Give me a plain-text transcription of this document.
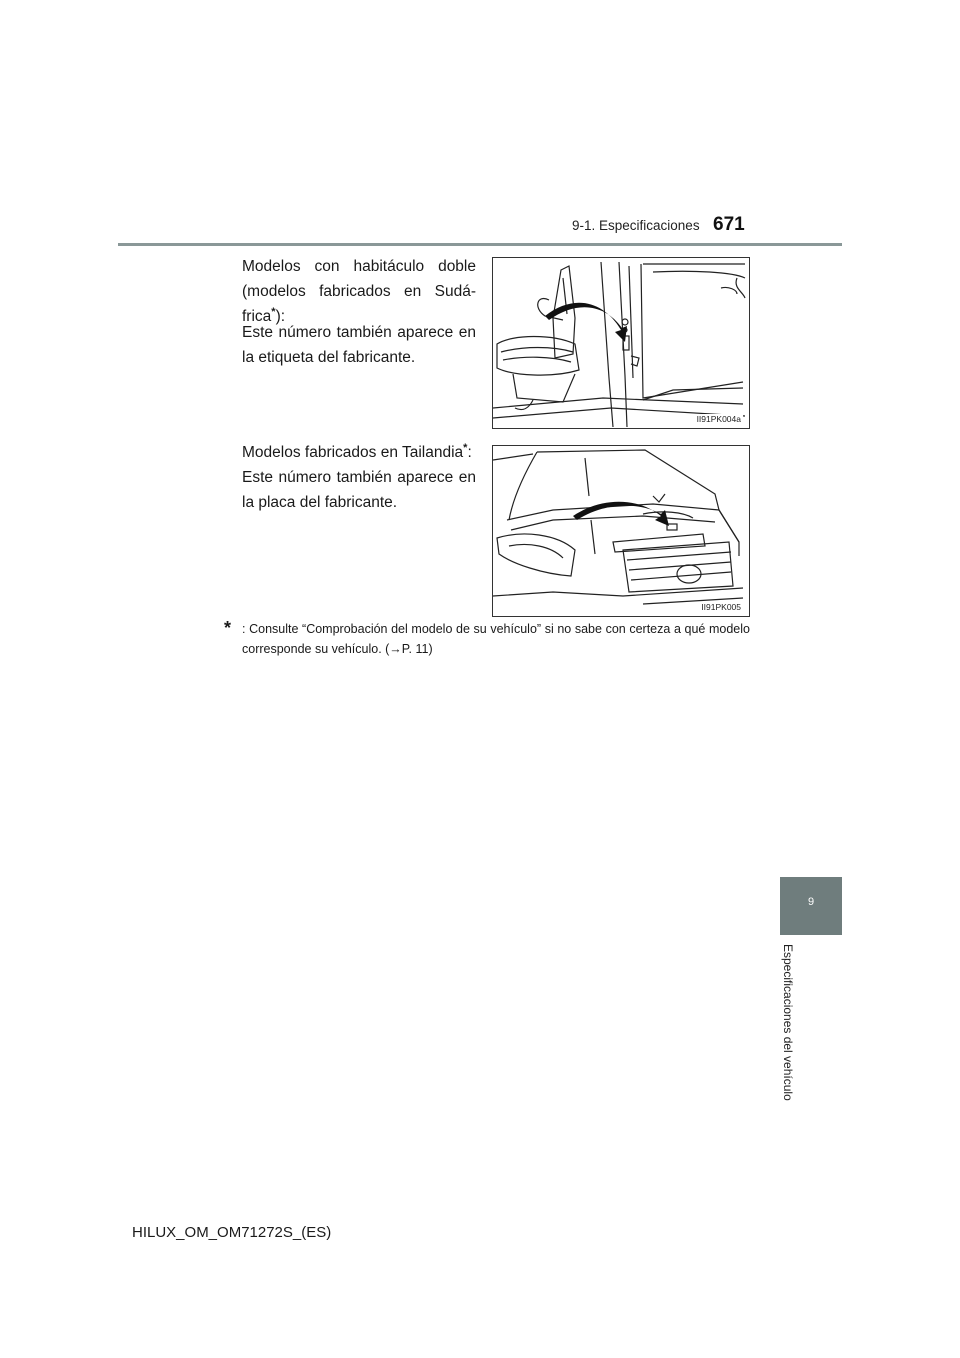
9-1. Especificaciones 671
Modelos con habitáculo doble (modelos fabricados en Sudá-frica*):
Este número también aparece en la etiqueta del fabricante.
II91PK004a
Modelos fabricados en Tailandia*:
Este número también aparece en la placa del fabricante.
II91PK005
* : Consulte “Comprobación del modelo de su vehículo” si no sabe con certeza a qué modelo corresponde su vehículo. (→P. 11)
9
Especificaciones del vehículo
HILUX_OM_OM71272S_(ES)
